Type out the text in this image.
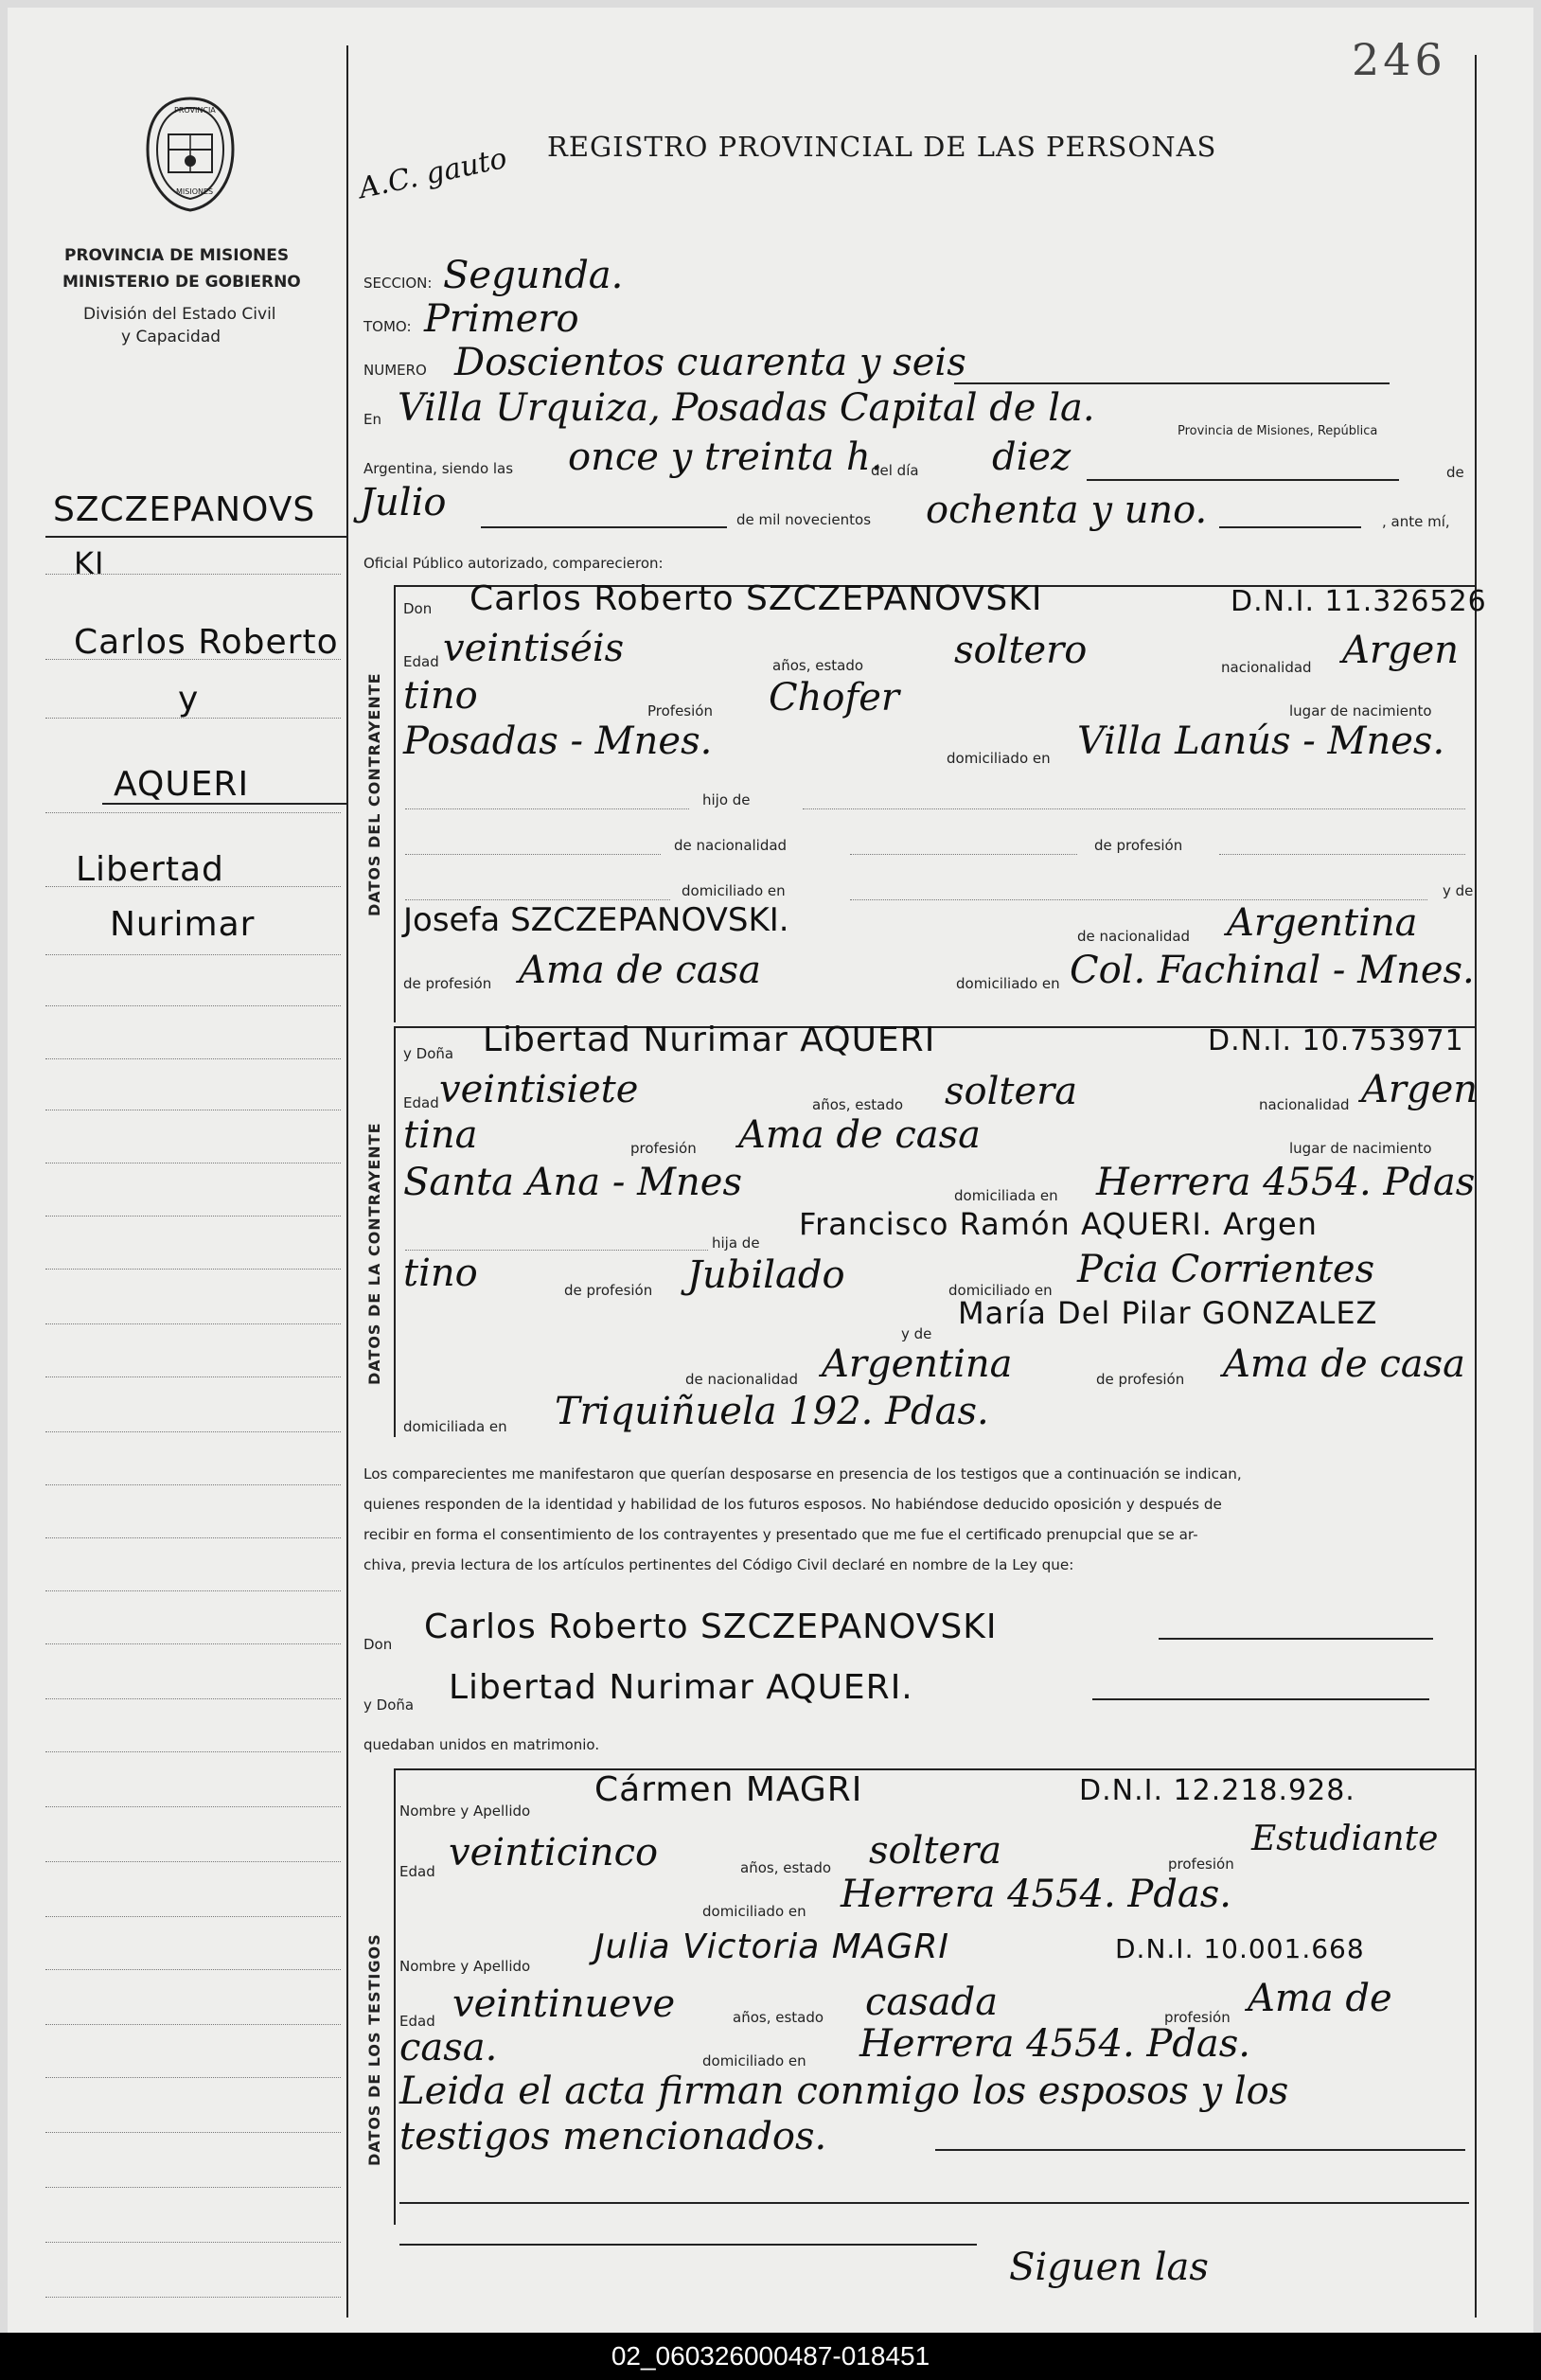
246
PROVINCIA
MISIONES
PROVINCIA DE MISIONES
MINISTERIO DE GOBIERNO
División del Estado Civil
y Capacidad
REGISTRO PROVINCIAL DE LAS PERSONAS
A.C. gauto
DATOS DEL CONTRAYENTE
DATOS DE LA CONTRAYENTE
DATOS DE LOS TESTIGOS
SZCZEPANOVS
KI
Carlos Roberto
y
AQUERI
Libertad
Nurimar
SECCION: Segunda.
TOMO: Primero
NUMERO Doscientos cuarenta y seis
En Villa Urquiza, Posadas Capital de la.
Provincia de Misiones, República
Argentina, siendo las once y treinta h.
del día diez	de
Julio	de mil novecientos ochenta y uno.	, ante mí,
Oficial Público autorizado, comparecieron:
Don Carlos Roberto SZCZEPANOVSKI	D.N.I. 11.326526
Edad veintiséis	años, estado soltero	nacionalidad Argen
tino	Profesión Chofer	lugar de nacimiento
Posadas - Mnes.	domiciliado en Villa Lanús - Mnes.
hijo de
de nacionalidad	de profesión
domiciliado en	y de
Josefa SZCZEPANOVSKI.	de nacionalidad Argentina
de profesión Ama de casa	domiciliado en Col. Fachinal - Mnes.
y Doña Libertad Nurimar AQUERI	D.N.I. 10.753971
Edad veintisiete	años, estado soltera	nacionalidad Argen
tina	profesión Ama de casa	lugar de nacimiento
Santa Ana - Mnes	domiciliada en Herrera 4554. Pdas
hija de
Francisco Ramón AQUERI. Argen
tino	de profesión Jubilado	domiciliado en Pcia Corrientes
y de
María Del Pilar GONZALEZ
de nacionalidad Argentina	de profesión Ama de casa
domiciliada en Triquiñuela 192. Pdas.
Los comparecientes me manifestaron que querían desposarse en presencia de los testigos que a continuación se indican,
quienes responden de la identidad y habilidad de los futuros esposos. No habiéndose deducido oposición y después de
recibir en forma el consentimiento de los contrayentes y presentado que me fue el certificado prenupcial que se ar-
chiva, previa lectura de los artículos pertinentes del Código Civil declaré en nombre de la Ley que:
Don Carlos Roberto SZCZEPANOVSKI
y Doña Libertad Nurimar AQUERI.
quedaban unidos en matrimonio.
Nombre y Apellido
Cármen MAGRI	D.N.I. 12.218.928.
Edad veinticinco	años, estado soltera	profesión
Estudiante
domiciliado en Herrera 4554. Pdas.
Nombre y Apellido Julia Victoria MAGRI	D.N.I. 10.001.668
Edad veintinueve	años, estado casada	profesión Ama de
casa.	domiciliado en Herrera 4554. Pdas.
Leida el acta firman conmigo los esposos y los
testigos mencionados.
Siguen las
02_060326000487-018451
